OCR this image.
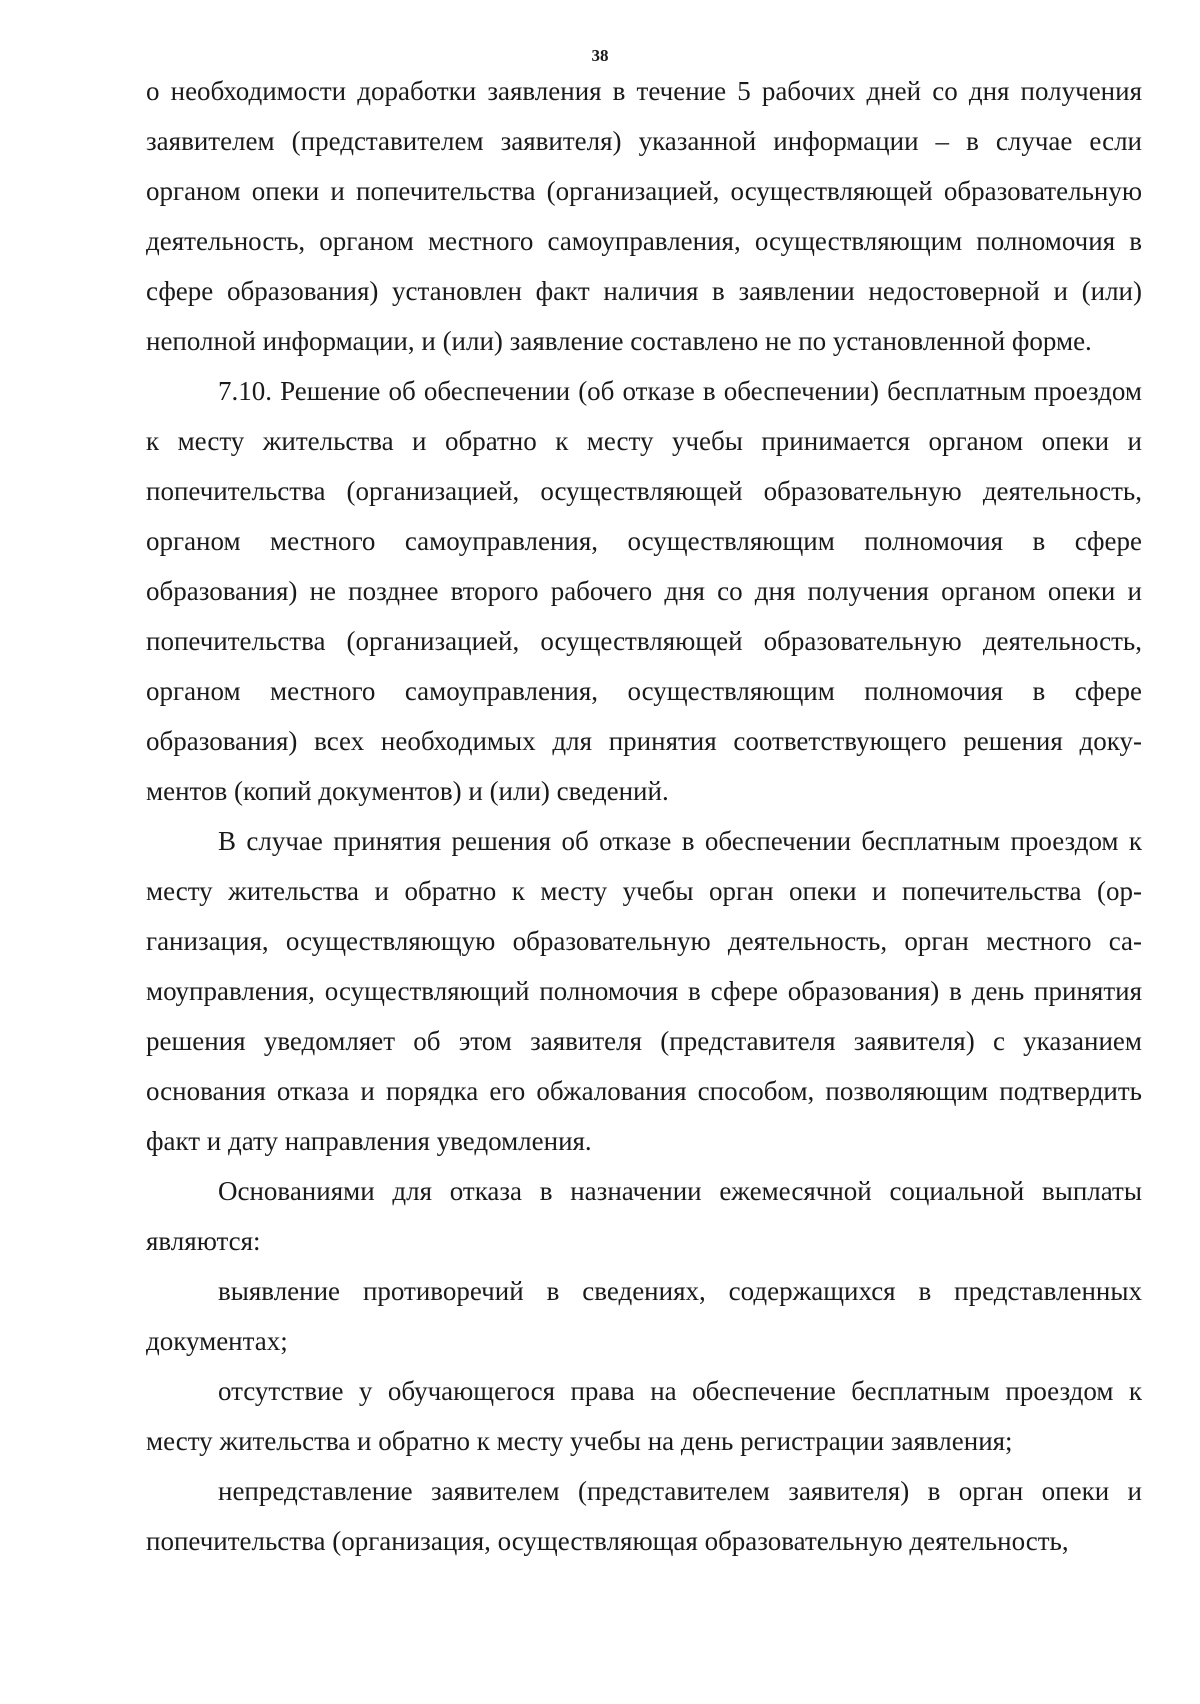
38

о необходимости доработки заявления в течение 5 рабочих дней со дня получения заявителем (представителем заявителя) указанной информации – в случае если органом опеки и попечительства (организацией, осуществляющей образовательную деятельность, органом местного самоуправления, осуществляющим полномочия в сфере образования) установлен факт наличия в заявлении недостоверной и (или) неполной информации, и (или) заявление составлено не по установленной форме.

7.10. Решение об обеспечении (об отказе в обеспечении) бесплатным проездом к месту жительства и обратно к месту учебы принимается органом опеки и попечительства (организацией, осуществляющей образовательную деятельность, органом местного самоуправления, осуществляющим полномочия в сфере образования) не позднее второго рабочего дня со дня получения органом опеки и попечительства (организацией, осуществляющей образовательную деятельность, органом местного самоуправления, осуществляющим полномочия в сфере образования) всех необходимых для принятия соответствующего решения документов (копий документов) и (или) сведений.

В случае принятия решения об отказе в обеспечении бесплатным проездом к месту жительства и обратно к месту учебы орган опеки и попечительства (организация, осуществляющую образовательную деятельность, орган местного самоуправления, осуществляющий полномочия в сфере образования) в день принятия решения уведомляет об этом заявителя (представителя заявителя) с указанием основания отказа и порядка его обжалования способом, позволяющим подтвердить факт и дату направления уведомления.

Основаниями для отказа в назначении ежемесячной социальной выплаты являются:

выявление противоречий в сведениях, содержащихся в представленных документах;

отсутствие у обучающегося права на обеспечение бесплатным проездом к месту жительства и обратно к месту учебы на день регистрации заявления;

непредставление заявителем (представителем заявителя) в орган опеки и попечительства (организация, осуществляющая образовательную деятельность,
